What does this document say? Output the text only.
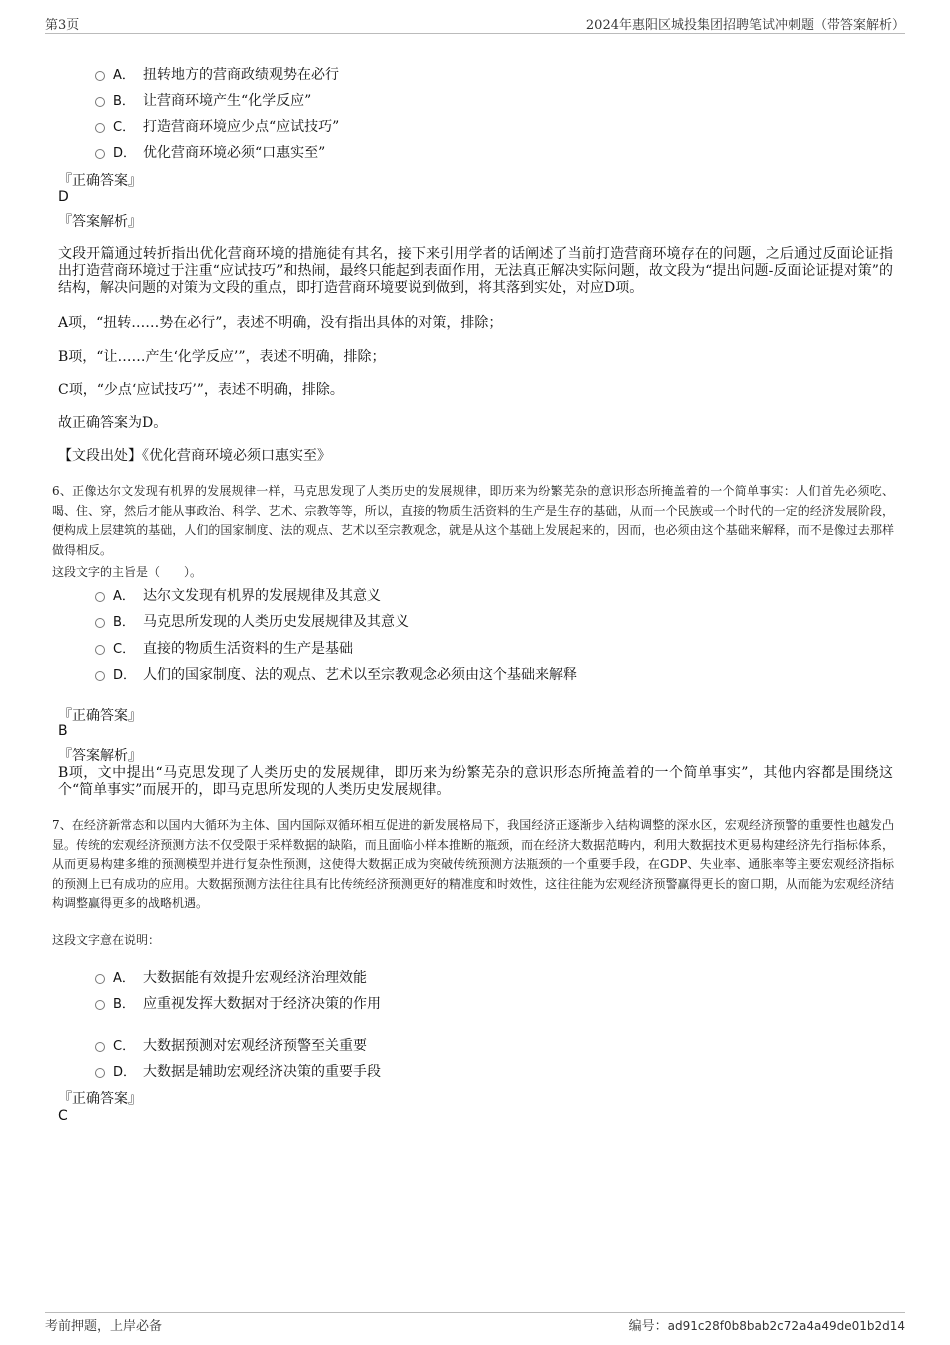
第3页	2024年惠阳区城投集团招聘笔试冲刺题（带答案解析）
A． 扭转地方的营商政绩观势在必行
B． 让营商环境产生“化学反应”
C． 打造营商环境应少点“应试技巧”
D． 优化营商环境必须“口惠实至”
『正确答案』
D
『答案解析』
文段开篇通过转折指出优化营商环境的措施徒有其名，接下来引用学者的话阐述了当前打造营商环境存在的问题，之后通过反面论证指出打造营商环境过于注重“应试技巧”和热闹，最终只能起到表面作用，无法真正解决实际问题，故文段为“提出问题-反面论证提对策”的结构，解决问题的对策为文段的重点，即打造营商环境要说到做到，将其落到实处，对应D项。
A项，“扭转……势在必行”，表述不明确，没有指出具体的对策，排除；
B项，“让……产生‘化学反应’”，表述不明确，排除；
C项，“少点‘应试技巧’”，表述不明确，排除。
故正确答案为D。
【文段出处】《优化营商环境必须口惠实至》
6、正像达尔文发现有机界的发展规律一样，马克思发现了人类历史的发展规律，即历来为纷繁芜杂的意识形态所掩盖着的一个简单事实：人们首先必须吃、喝、住、穿，然后才能从事政治、科学、艺术、宗教等等，所以，直接的物质生活资料的生产是生存的基础，从而一个民族或一个时代的一定的经济发展阶段，便构成上层建筑的基础，人们的国家制度、法的观点、艺术以至宗教观念，就是从这个基础上发展起来的，因而，也必须由这个基础来解释，而不是像过去那样做得相反。
这段文字的主旨是（　　）。
A． 达尔文发现有机界的发展规律及其意义
B． 马克思所发现的人类历史发展规律及其意义
C． 直接的物质生活资料的生产是基础
D． 人们的国家制度、法的观点、艺术以至宗教观念必须由这个基础来解释
『正确答案』
B
『答案解析』
B项，文中提出“马克思发现了人类历史的发展规律，即历来为纷繁芜杂的意识形态所掩盖着的一个简单事实”，其他内容都是围绕这个“简单事实”而展开的，即马克思所发现的人类历史发展规律。
7、在经济新常态和以国内大循环为主体、国内国际双循环相互促进的新发展格局下，我国经济正逐渐步入结构调整的深水区，宏观经济预警的重要性也越发凸显。传统的宏观经济预测方法不仅受限于采样数据的缺陷，而且面临小样本推断的瓶颈，而在经济大数据范畴内，利用大数据技术更易构建经济先行指标体系，从而更易构建多维的预测模型并进行复杂性预测，这使得大数据正成为突破传统预测方法瓶颈的一个重要手段，在GDP、失业率、通胀率等主要宏观经济指标的预测上已有成功的应用。大数据预测方法往往具有比传统经济预测更好的精准度和时效性，这往往能为宏观经济预警赢得更长的窗口期，从而能为宏观经济结构调整赢得更多的战略机遇。
这段文字意在说明：
A． 大数据能有效提升宏观经济治理效能
B． 应重视发挥大数据对于经济决策的作用
C． 大数据预测对宏观经济预警至关重要
D． 大数据是辅助宏观经济决策的重要手段
『正确答案』
C
考前押题，上岸必备	编号：ad91c28f0b8bab2c72a4a49de01b2d14
